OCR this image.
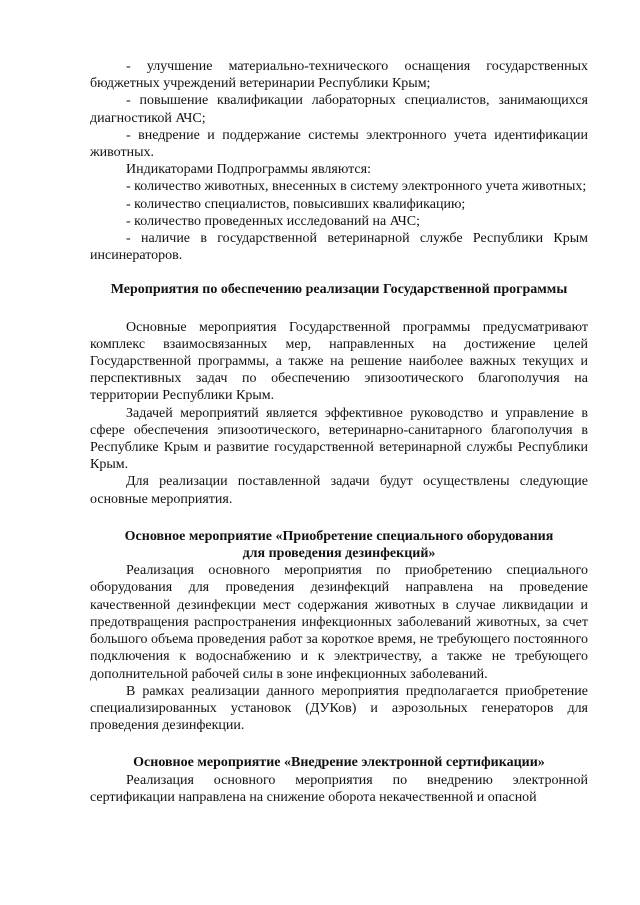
- улучшение материально-технического оснащения государственных бюджетных учреждений ветеринарии Республики Крым;

- повышение квалификации лабораторных специалистов, занимающихся диагностикой АЧС;

- внедрение и поддержание системы электронного учета идентификации животных.

Индикаторами Подпрограммы являются:

- количество животных, внесенных в систему электронного учета животных;

- количество специалистов, повысивших квалификацию;

- количество проведенных исследований на АЧС;

- наличие в государственной ветеринарной службе Республики Крым инсинераторов.

Мероприятия по обеспечению реализации Государственной программы

Основные мероприятия Государственной программы предусматривают комплекс взаимосвязанных мер, направленных на достижение целей Государственной программы, а также на решение наиболее важных текущих и перспективных задач по обеспечению эпизоотического благополучия на территории Республики Крым.

Задачей мероприятий является эффективное руководство и управление в сфере обеспечения эпизоотического, ветеринарно-санитарного благополучия в Республике Крым и развитие государственной ветеринарной службы Республики Крым.

Для реализации поставленной задачи будут осуществлены следующие основные мероприятия.

Основное мероприятие «Приобретение специального оборудования
для проведения дезинфекций»

Реализация основного мероприятия по приобретению специального оборудования для проведения дезинфекций направлена на проведение качественной дезинфекции мест содержания животных в случае ликвидации и предотвращения распространения инфекционных заболеваний животных, за счет большого объема проведения работ за короткое время, не требующего постоянного подключения к водоснабжению и к электричеству, а также не требующего дополнительной рабочей силы в зоне инфекционных заболеваний.

В рамках реализации данного мероприятия предполагается приобретение специализированных установок (ДУКов) и аэрозольных генераторов для проведения дезинфекции.

Основное мероприятие «Внедрение электронной сертификации»

Реализация основного мероприятия по внедрению электронной сертификации направлена на снижение оборота некачественной и опасной
